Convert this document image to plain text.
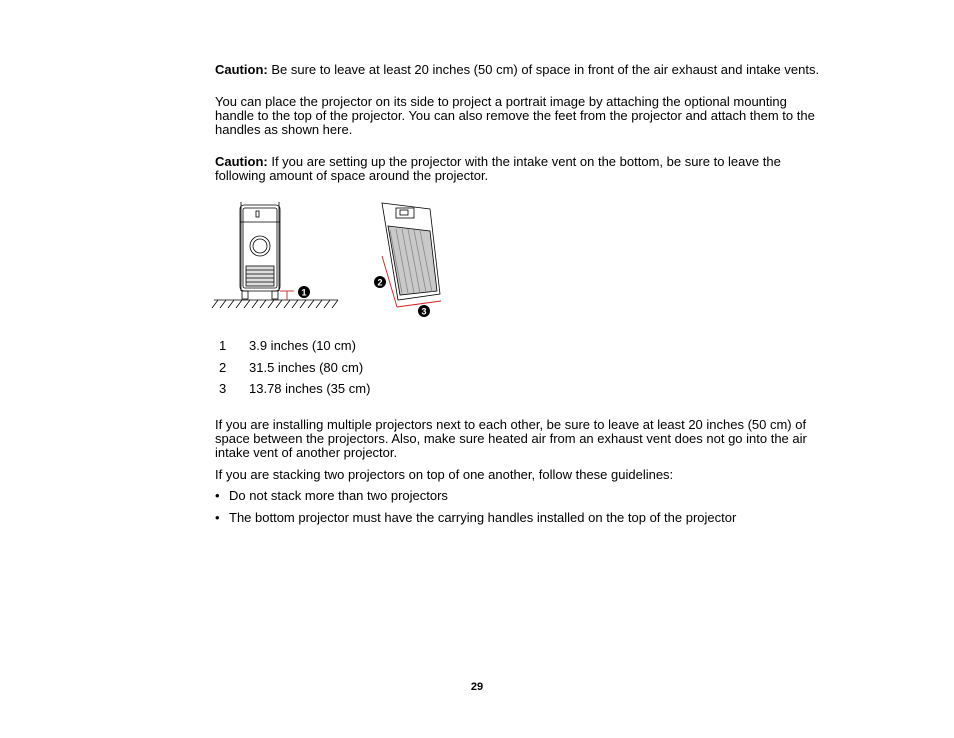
Caution: Be sure to leave at least 20 inches (50 cm) of space in front of the air exhaust and intake vents.

You can place the projector on its side to project a portrait image by attaching the optional mounting handle to the top of the projector. You can also remove the feet from the projector and attach them to the handles as shown here.

Caution: If you are setting up the projector with the intake vent on the bottom, be sure to leave the following amount of space around the projector.

1
2
3
1 3.9 inches (10 cm)
2 31.5 inches (80 cm)
3 13.78 inches (35 cm)

If you are installing multiple projectors next to each other, be sure to leave at least 20 inches (50 cm) of space between the projectors. Also, make sure heated air from an exhaust vent does not go into the air intake vent of another projector.

If you are stacking two projectors on top of one another, follow these guidelines:

• Do not stack more than two projectors
• The bottom projector must have the carrying handles installed on the top of the projector
29
